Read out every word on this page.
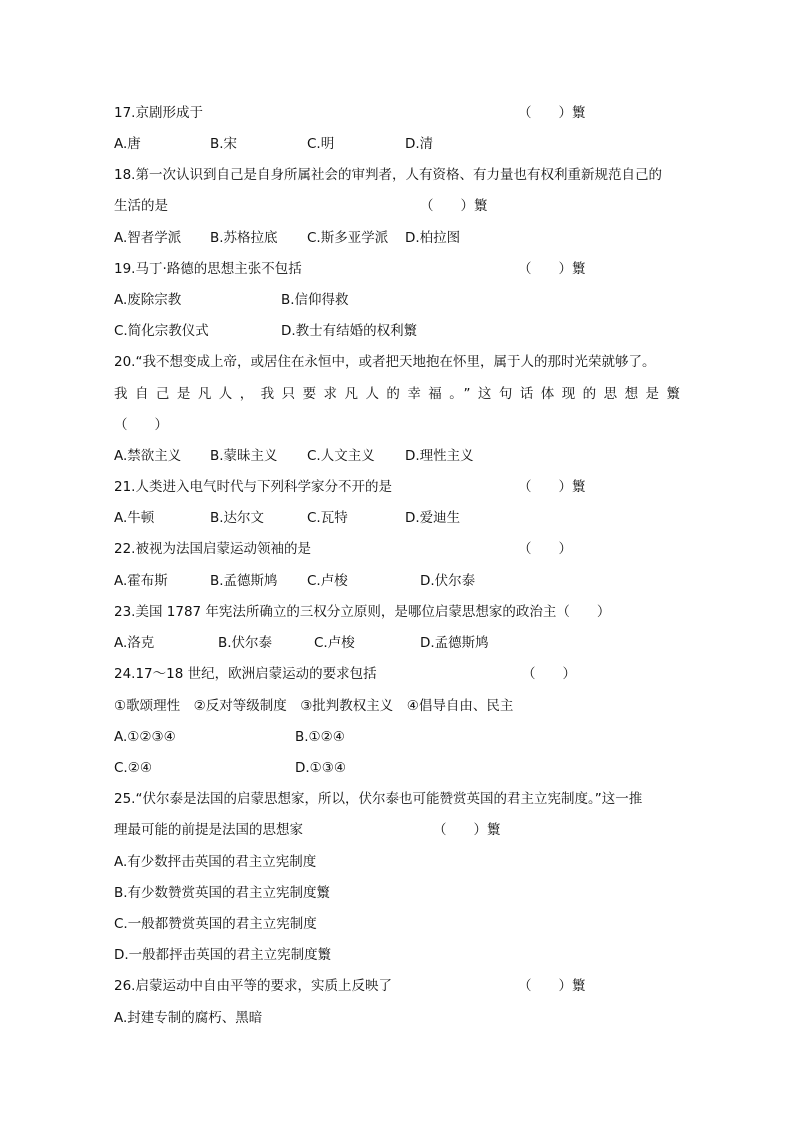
17.京剧形成于	（　　）瀪
A.唐	B.宋	C.明	D.清
18.第一次认识到自己是自身所属社会的审判者，人有资格、有力量也有权利重新规范自己的
生活的是	（　　）瀪
A.智者学派 B.苏格拉底 C.斯多亚学派 D.柏拉图
19.马丁·路德的思想主张不包括	（　　）瀪
A.废除宗教	B.信仰得救
C.简化宗教仪式	D.教士有结婚的权利瀪
20.“我不想变成上帝，或居住在永恒中，或者把天地抱在怀里，属于人的那时光荣就够了。
我自己是凡人，我只要求凡人的幸福。”这句话体现的思想是瀪
（　　）
A.禁欲主义 B.蒙昧主义 C.人文主义 D.理性主义
21.人类进入电气时代与下列科学家分不开的是	（　　）瀪
A.牛顿	B.达尔文	C.瓦特	D.爱迪生
22.被视为法国启蒙运动领袖的是	（　　）
A.霍布斯	B.孟德斯鸠 C.卢梭	D.伏尔泰
23.美国 1787 年宪法所确立的三权分立原则，是哪位启蒙思想家的政治主（　　）
A.洛克	B.伏尔泰	C.卢梭	D.孟德斯鸠
24.17～18 世纪，欧洲启蒙运动的要求包括	（　　）
①歌颂理性　②反对等级制度　③批判教权主义　④倡导自由、民主
A.①②③④	B.①②④
C.②④	D.①③④
25.“伏尔泰是法国的启蒙思想家，所以，伏尔泰也可能赞赏英国的君主立宪制度。”这一推
理最可能的前提是法国的思想家	（　　）瀪
A.有少数抨击英国的君主立宪制度
B.有少数赞赏英国的君主立宪制度瀪
C.一般都赞赏英国的君主立宪制度
D.一般都抨击英国的君主立宪制度瀪
26.启蒙运动中自由平等的要求，实质上反映了	（　　）瀪
A.封建专制的腐朽、黑暗
